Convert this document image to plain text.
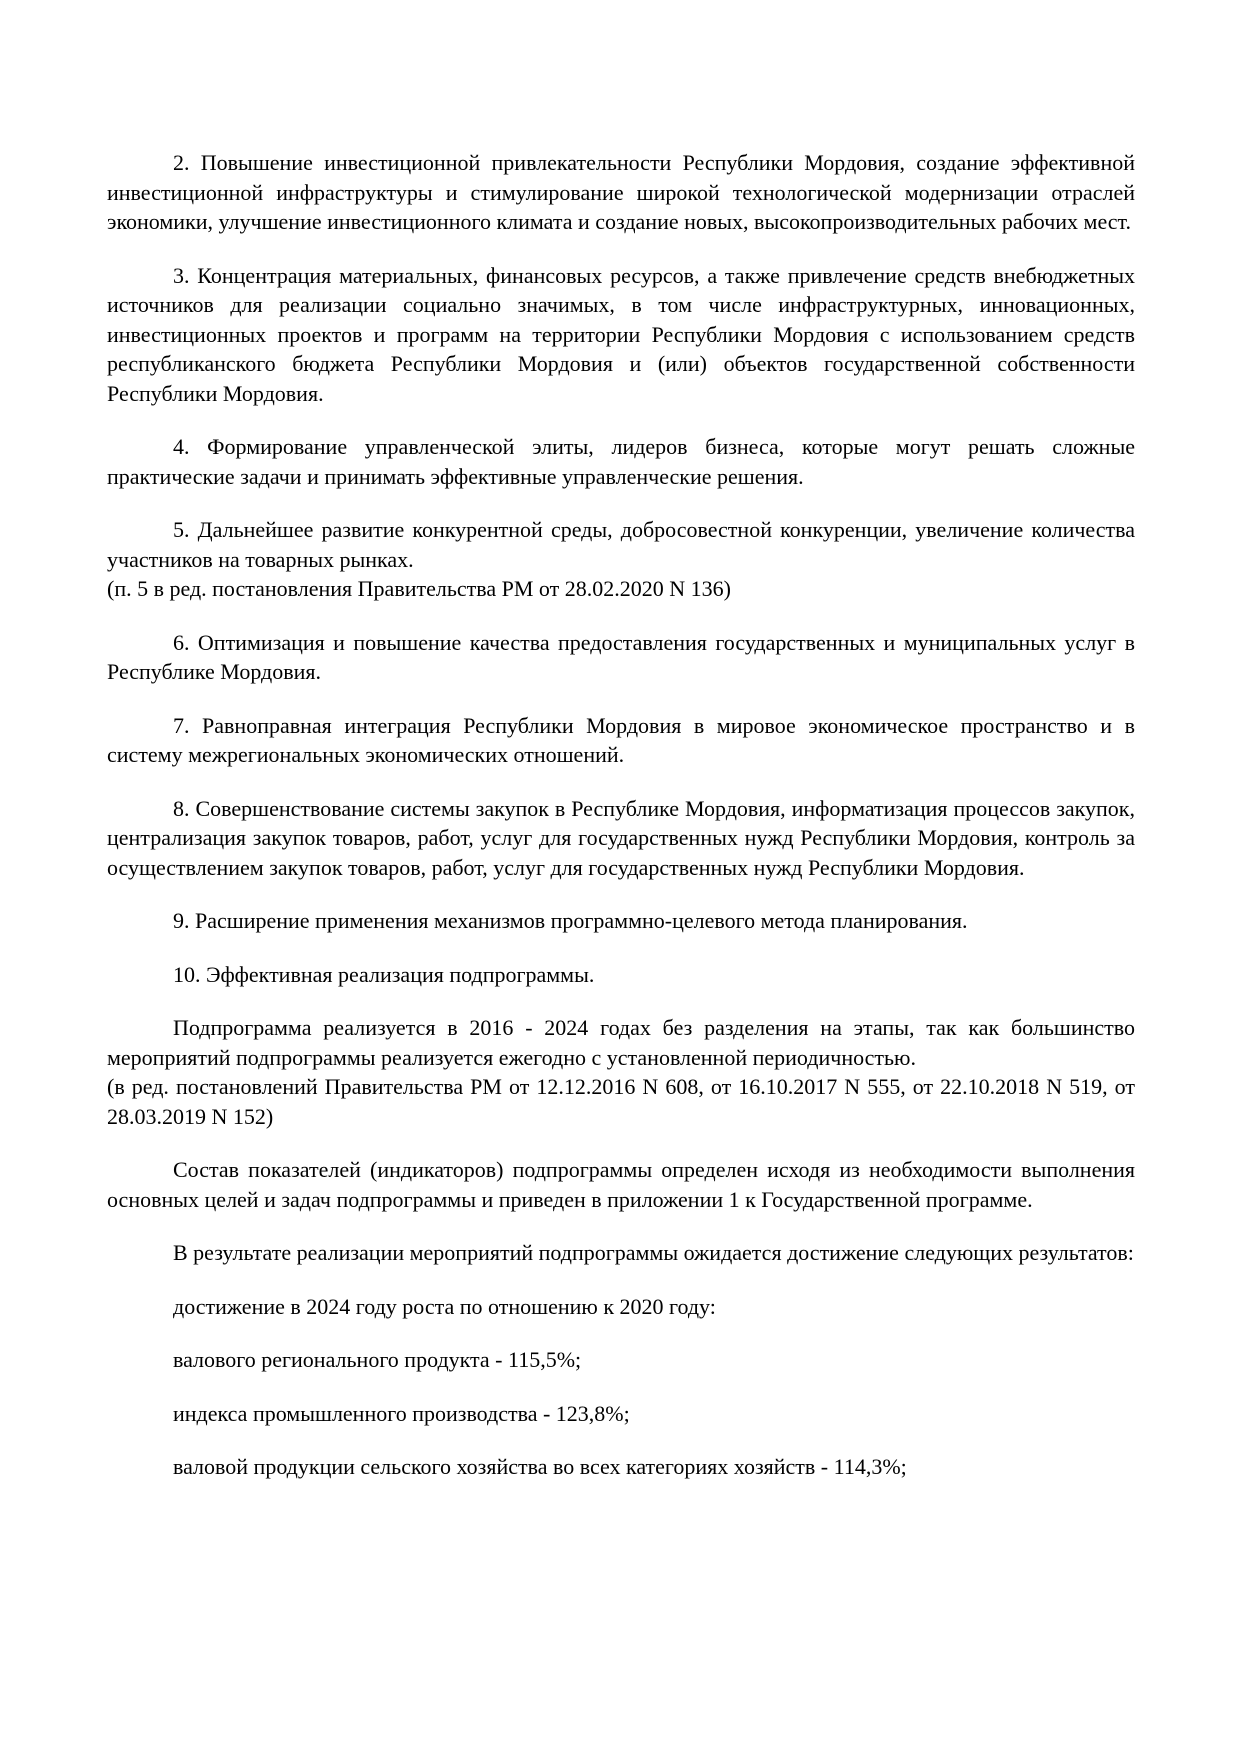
2. Повышение инвестиционной привлекательности Республики Мордовия, создание эффективной инвестиционной инфраструктуры и стимулирование широкой технологической модернизации отраслей экономики, улучшение инвестиционного климата и создание новых, высокопроизводительных рабочих мест.

3. Концентрация материальных, финансовых ресурсов, а также привлечение средств внебюджетных источников для реализации социально значимых, в том числе инфраструктурных, инновационных, инвестиционных проектов и программ на территории Республики Мордовия с использованием средств республиканского бюджета Республики Мордовия и (или) объектов государственной собственности Республики Мордовия.

4. Формирование управленческой элиты, лидеров бизнеса, которые могут решать сложные практические задачи и принимать эффективные управленческие решения.

5. Дальнейшее развитие конкурентной среды, добросовестной конкуренции, увеличение количества участников на товарных рынках.

(п. 5 в ред. постановления Правительства РМ от 28.02.2020 N 136)

6. Оптимизация и повышение качества предоставления государственных и муниципальных услуг в Республике Мордовия.

7. Равноправная интеграция Республики Мордовия в мировое экономическое пространство и в систему межрегиональных экономических отношений.

8. Совершенствование системы закупок в Республике Мордовия, информатизация процессов закупок, централизация закупок товаров, работ, услуг для государственных нужд Республики Мордовия, контроль за осуществлением закупок товаров, работ, услуг для государственных нужд Республики Мордовия.

9. Расширение применения механизмов программно-целевого метода планирования.

10. Эффективная реализация подпрограммы.

Подпрограмма реализуется в 2016 - 2024 годах без разделения на этапы, так как большинство мероприятий подпрограммы реализуется ежегодно с установленной периодичностью.

(в ред. постановлений Правительства РМ от 12.12.2016 N 608, от 16.10.2017 N 555, от 22.10.2018 N 519, от 28.03.2019 N 152)

Состав показателей (индикаторов) подпрограммы определен исходя из необходимости выполнения основных целей и задач подпрограммы и приведен в приложении 1 к Государственной программе.

В результате реализации мероприятий подпрограммы ожидается достижение следующих результатов:

достижение в 2024 году роста по отношению к 2020 году:

валового регионального продукта - 115,5%;

индекса промышленного производства - 123,8%;

валовой продукции сельского хозяйства во всех категориях хозяйств - 114,3%;
